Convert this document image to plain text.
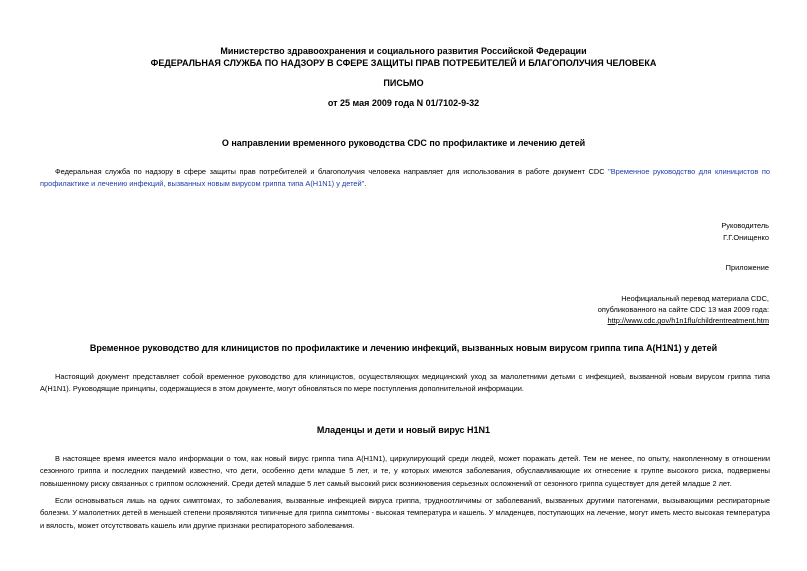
Министерство здравоохранения и социального развития Российской Федерации
ФЕДЕРАЛЬНАЯ СЛУЖБА ПО НАДЗОРУ В СФЕРЕ ЗАЩИТЫ ПРАВ ПОТРЕБИТЕЛЕЙ И БЛАГОПОЛУЧИЯ ЧЕЛОВЕКА
ПИСЬМО
от 25 мая 2009 года N 01/7102-9-32
О направлении временного руководства CDC по профилактике и лечению детей
Федеральная служба по надзору в сфере защиты прав потребителей и благополучия человека направляет для использования в работе документ CDC "Временное руководство для клиницистов по профилактике и лечению инфекций, вызванных новым вирусом гриппа типа A(H1N1) у детей".
Руководитель
Г.Г.Онищенко
Приложение
Неофициальный перевод материала CDC,
опубликованного на сайте CDC 13 мая 2009 года:
http://www.cdc.gov/h1n1flu/childrentreatment.htm
Временное руководство для клиницистов по профилактике и лечению инфекций, вызванных новым вирусом гриппа типа A(H1N1) у детей
Настоящий документ представляет собой временное руководство для клиницистов, осуществляющих медицинский уход за малолетними детьми с инфекцией, вызванной новым вирусом гриппа типа A(H1N1). Руководящие принципы, содержащиеся в этом документе, могут обновляться по мере поступления дополнительной информации.
Младенцы и дети и новый вирус H1N1
В настоящее время имеется мало информации о том, как новый вирус гриппа типа A(H1N1), циркулирующий среди людей, может поражать детей. Тем не менее, по опыту, накопленному в отношении сезонного гриппа и последних пандемий известно, что дети, особенно дети младше 5 лет, и те, у которых имеются заболевания, обуславливающие их отнесение к группе высокого риска, подвержены повышенному риску связанных с гриппом осложнений. Среди детей младше 5 лет самый высокий риск возникновения серьезных осложнений от сезонного гриппа существует для детей младше 2 лет.
Если основываться лишь на одних симптомах, то заболевания, вызванные инфекцией вируса гриппа, трудноотличимы от заболеваний, вызванных другими патогенами, вызывающими респираторные болезни. У малолетних детей в меньшей степени проявляются типичные для гриппа симптомы - высокая температура и кашель. У младенцев, поступающих на лечение, могут иметь место высокая температура и вялость, может отсутствовать кашель или другие признаки респираторного заболевания.
